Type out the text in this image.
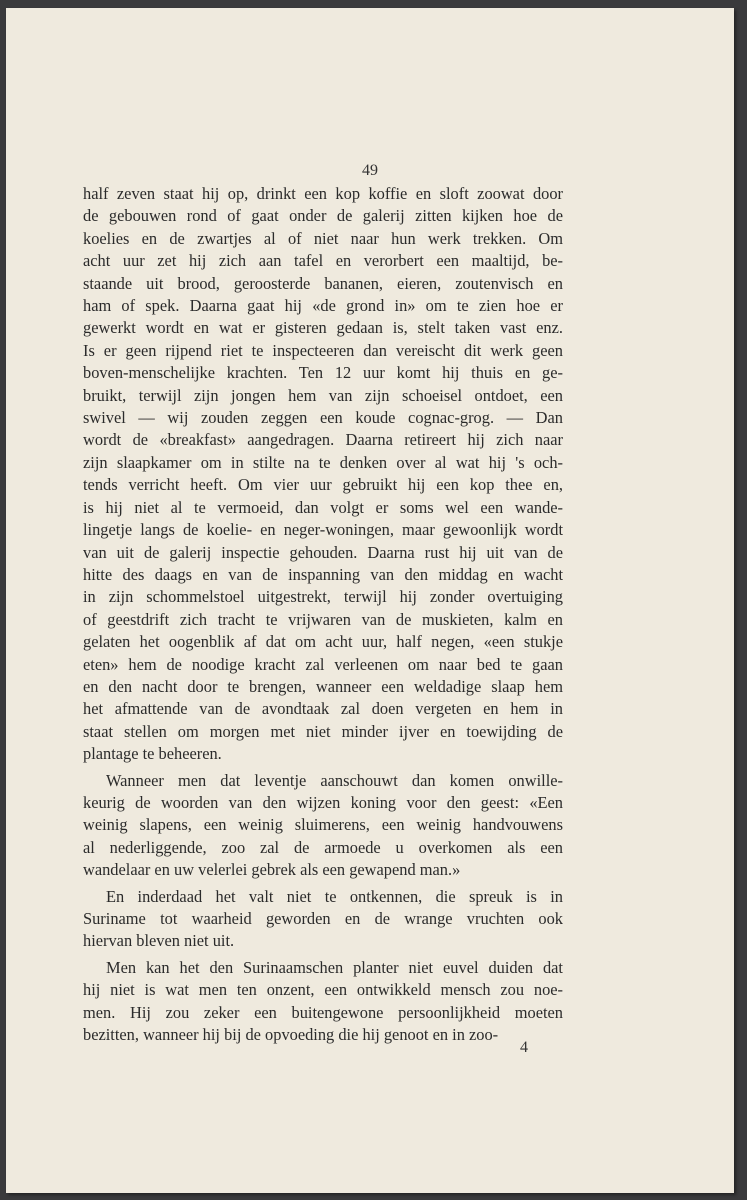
49
half zeven staat hij op, drinkt een kop koffie en sloft zoowat door
de gebouwen rond of gaat onder de galerij zitten kijken hoe de
koelies en de zwartjes al of niet naar hun werk trekken. Om
acht uur zet hij zich aan tafel en verorbert een maaltijd, be-
staande uit brood, geroosterde bananen, eieren, zoutenvisch en
ham of spek. Daarna gaat hij «de grond in» om te zien hoe er
gewerkt wordt en wat er gisteren gedaan is, stelt taken vast enz.
Is er geen rijpend riet te inspecteeren dan vereischt dit werk geen
boven-menschelijke krachten. Ten 12 uur komt hij thuis en ge-
bruikt, terwijl zijn jongen hem van zijn schoeisel ontdoet, een
swivel — wij zouden zeggen een koude cognac-grog. — Dan
wordt de «breakfast» aangedragen. Daarna retireert hij zich naar
zijn slaapkamer om in stilte na te denken over al wat hij 's och-
tends verricht heeft. Om vier uur gebruikt hij een kop thee en,
is hij niet al te vermoeid, dan volgt er soms wel een wande-
lingetje langs de koelie- en neger-woningen, maar gewoonlijk wordt
van uit de galerij inspectie gehouden. Daarna rust hij uit van de
hitte des daags en van de inspanning van den middag en wacht
in zijn schommelstoel uitgestrekt, terwijl hij zonder overtuiging
of geestdrift zich tracht te vrijwaren van de muskieten, kalm en
gelaten het oogenblik af dat om acht uur, half negen, «een stukje
eten» hem de noodige kracht zal verleenen om naar bed te gaan
en den nacht door te brengen, wanneer een weldadige slaap hem
het afmattende van de avondtaak zal doen vergeten en hem in
staat stellen om morgen met niet minder ijver en toewijding de
plantage te beheeren.
Wanneer men dat leventje aanschouwt dan komen onwille-
keurig de woorden van den wijzen koning voor den geest: «Een
weinig slapens, een weinig sluimerens, een weinig handvouwens
al nederliggende, zoo zal de armoede u overkomen als een
wandelaar en uw velerlei gebrek als een gewapend man.»
En inderdaad het valt niet te ontkennen, die spreuk is in
Suriname tot waarheid geworden en de wrange vruchten ook
hiervan bleven niet uit.
Men kan het den Surinaamschen planter niet euvel duiden dat
hij niet is wat men ten onzent, een ontwikkeld mensch zou noe-
men. Hij zou zeker een buitengewone persoonlijkheid moeten
bezitten, wanneer hij bij de opvoeding die hij genoot en in zoo-
4
